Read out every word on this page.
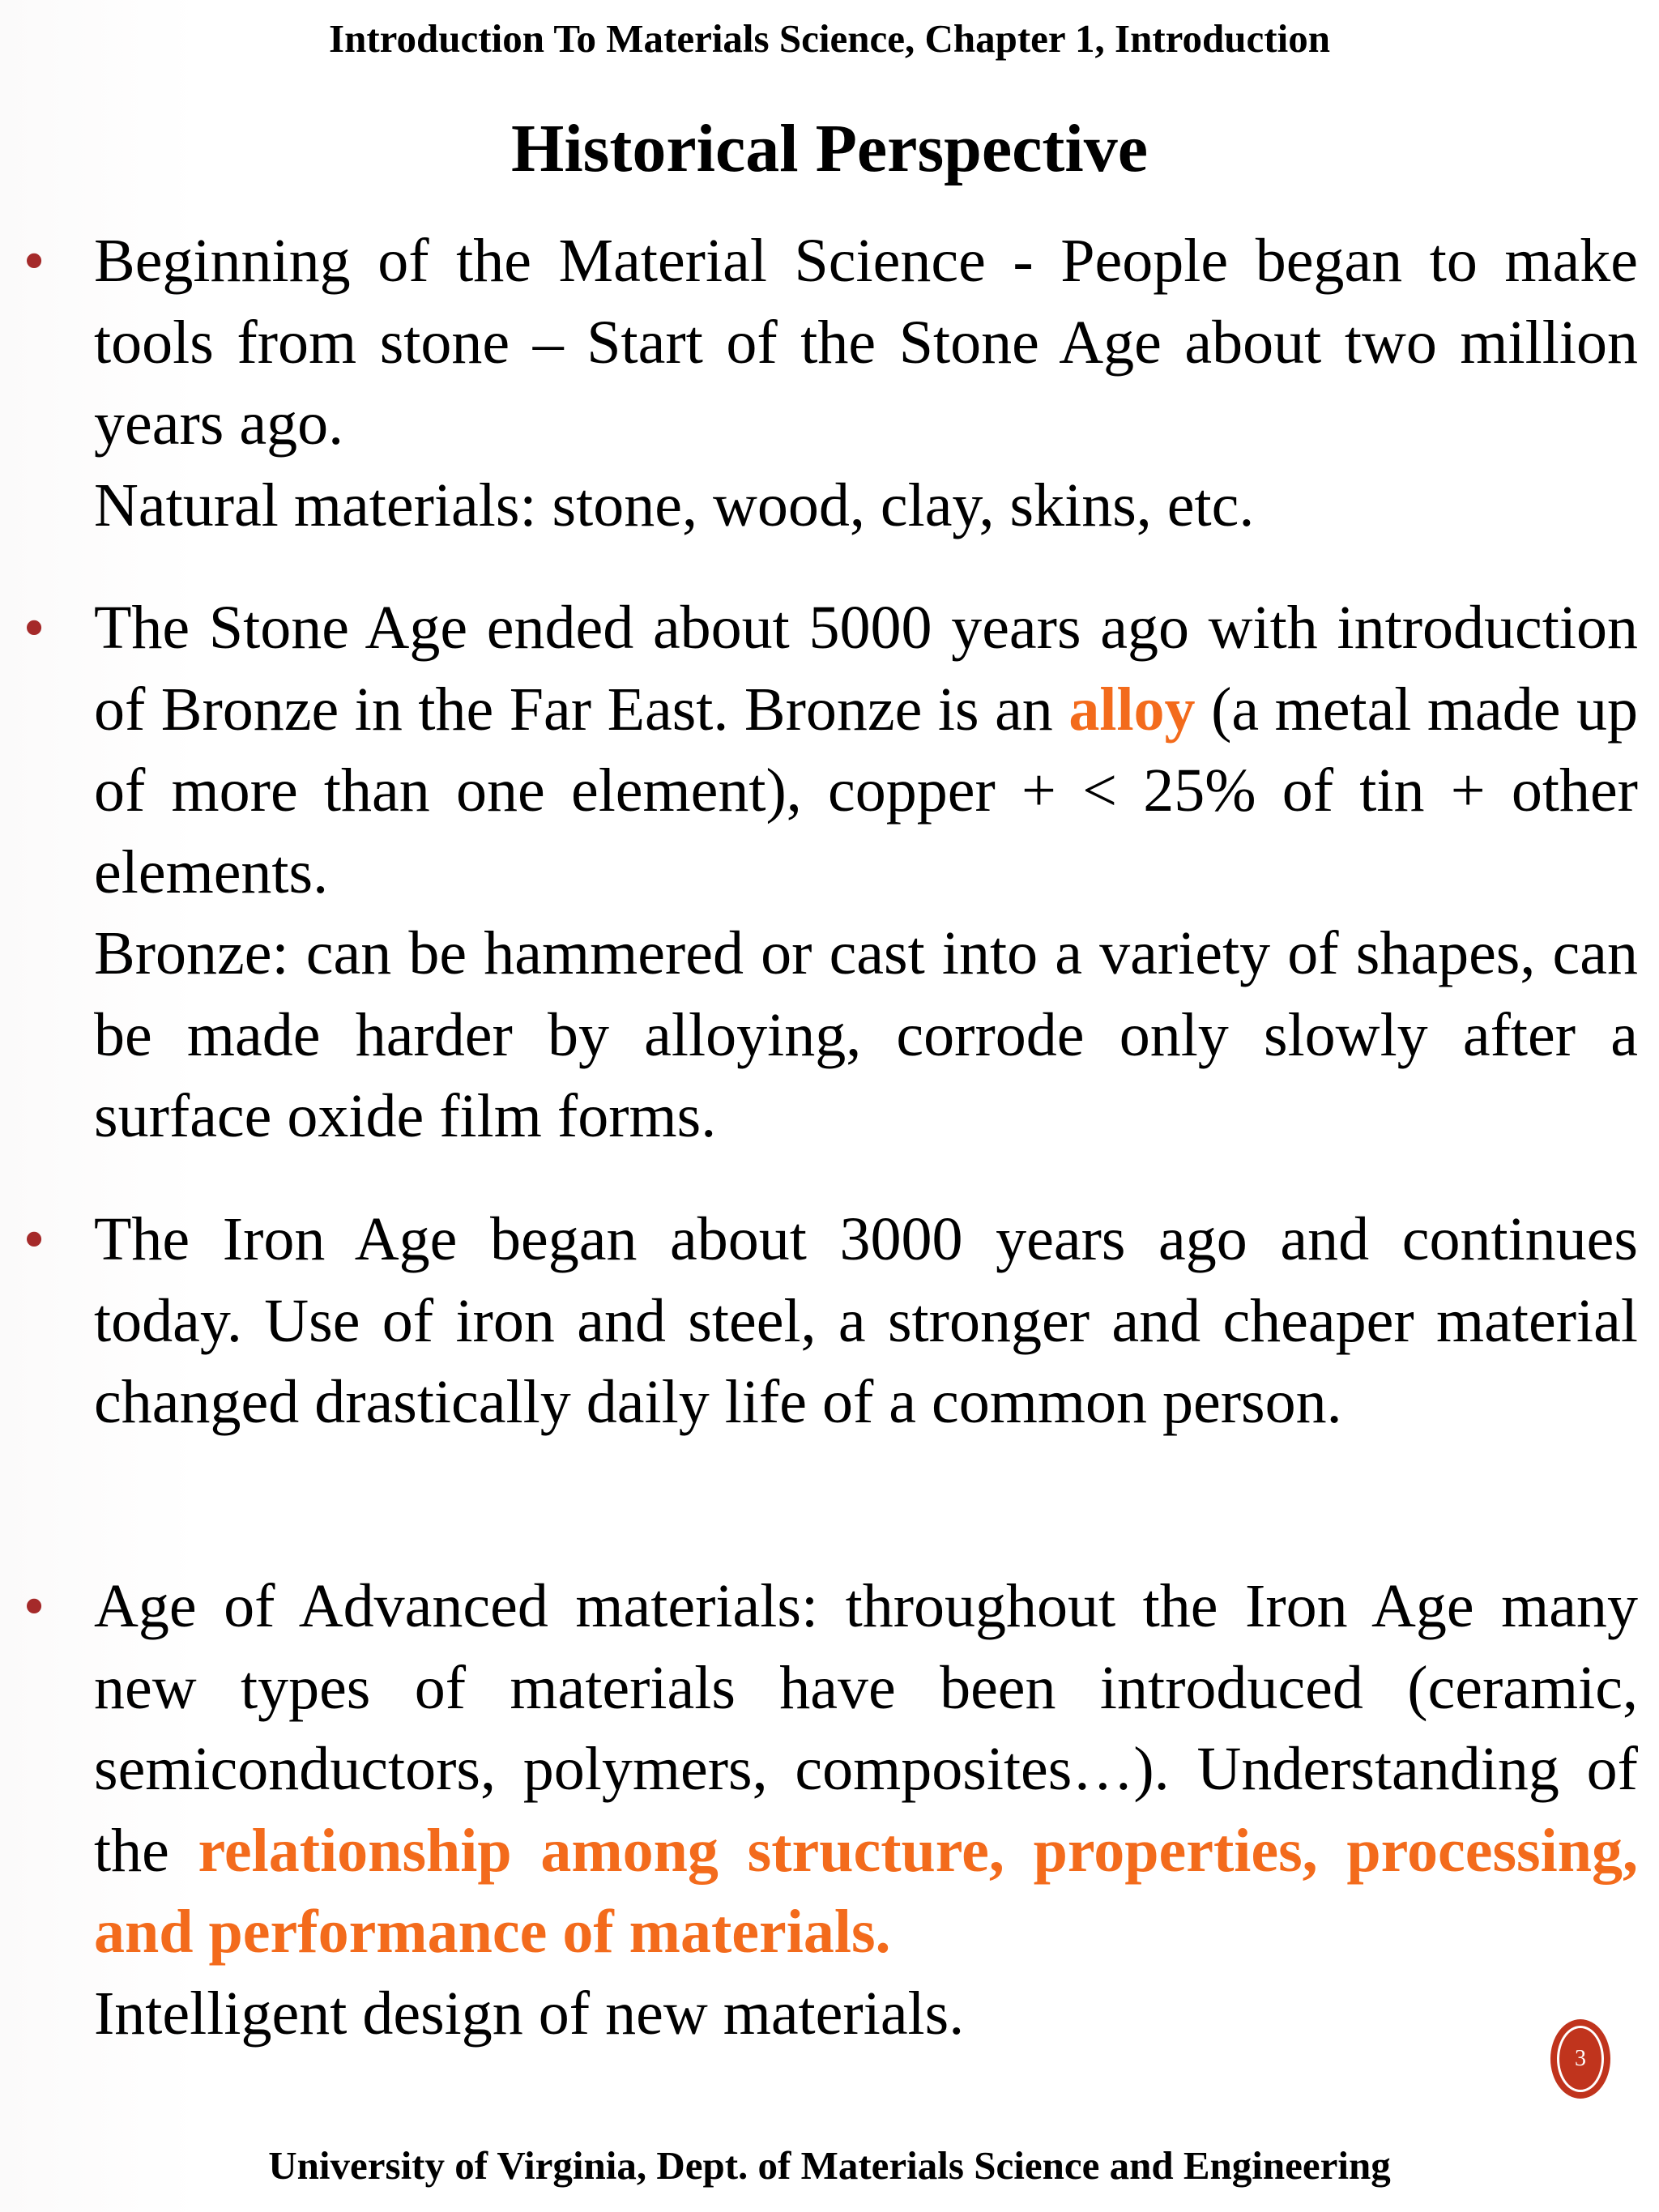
Introduction To Materials Science, Chapter 1, Introduction
Historical Perspective
• Beginning of the Material Science - People began to make tools from stone – Start of the Stone Age about two million years ago.

Natural materials: stone, wood, clay, skins, etc.

• The Stone Age ended about 5000 years ago with introduction of Bronze in the Far East. Bronze is an alloy (a metal made up of more than one element), copper + < 25% of tin + other elements.

Bronze: can be hammered or cast into a variety of shapes, can be made harder by alloying, corrode only slowly after a surface oxide film forms.

• The Iron Age began about 3000 years ago and continues today. Use of iron and steel, a stronger and cheaper material changed drastically daily life of a common person.

• Age of Advanced materials: throughout the Iron Age many new types of materials have been introduced (ceramic, semiconductors, polymers, composites…). Understanding of the relationship among structure, properties, processing, and performance of materials.

Intelligent design of new materials.

3
University of Virginia, Dept. of Materials Science and Engineering
